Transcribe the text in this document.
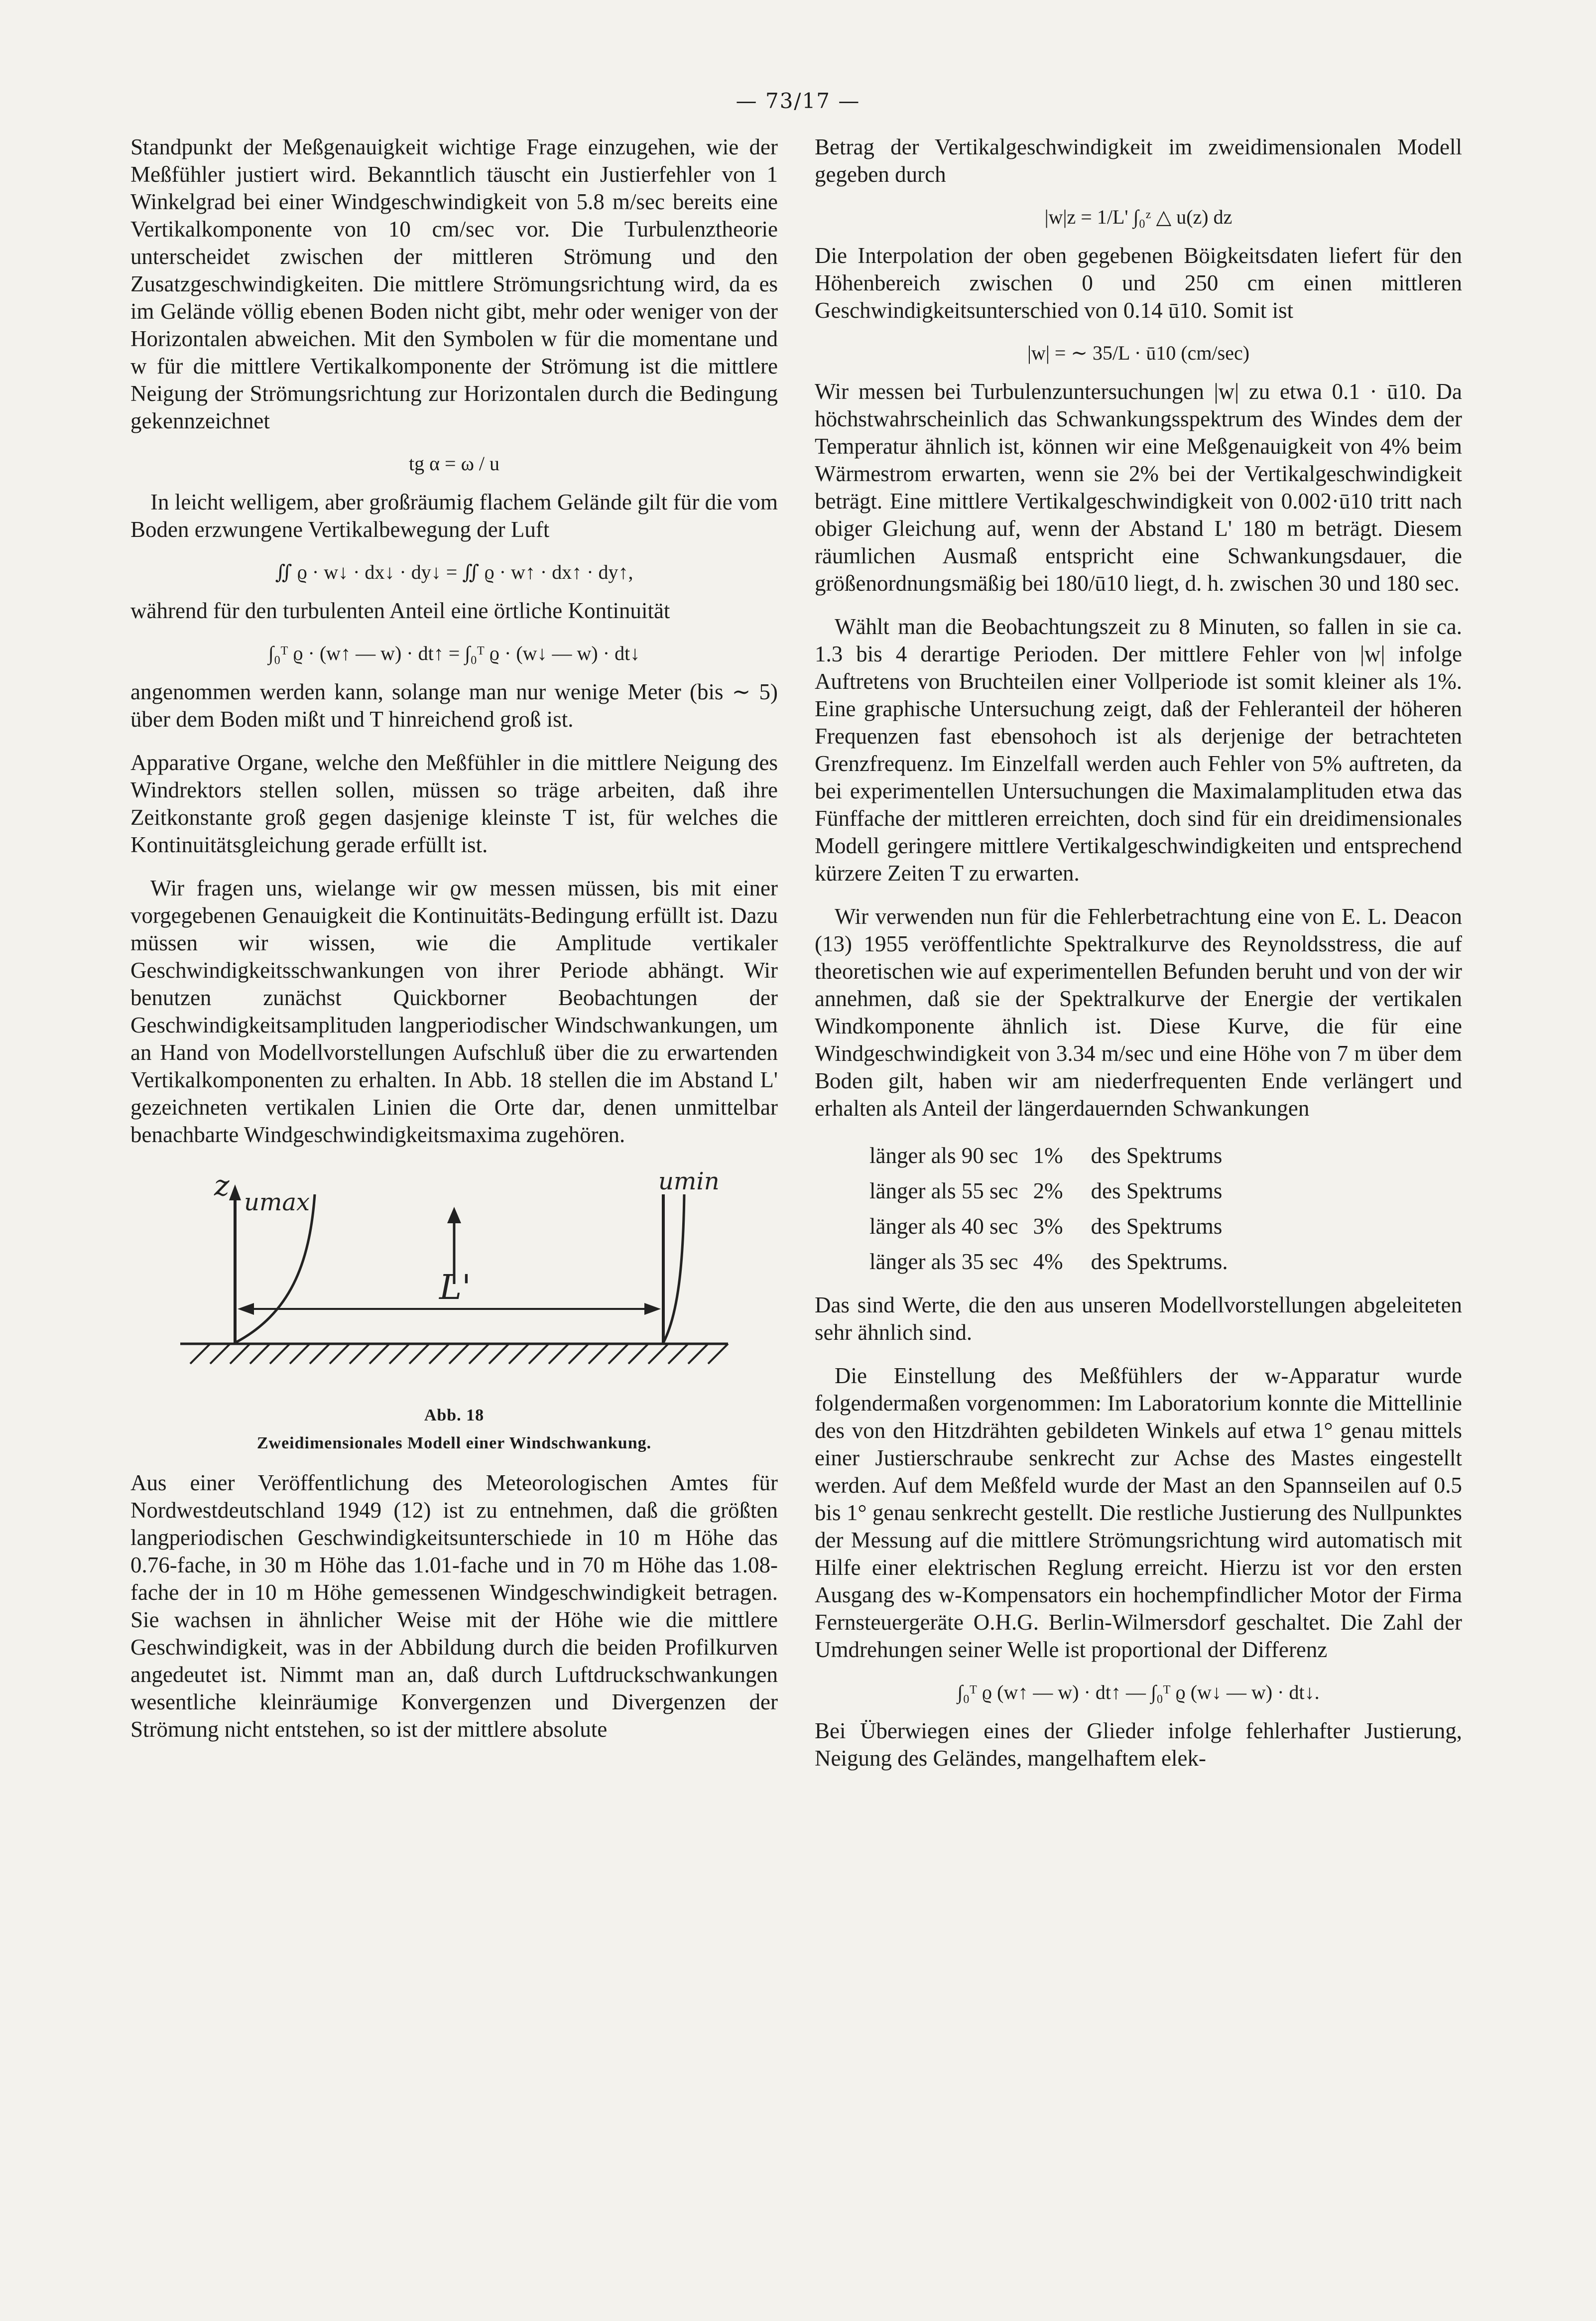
— 73/17 —

Standpunkt der Meßgenauigkeit wichtige Frage einzugehen, wie der Meßfühler justiert wird. Bekanntlich täuscht ein Justierfehler von 1 Winkelgrad bei einer Windgeschwindigkeit von 5.8 m/sec bereits eine Vertikalkomponente von 10 cm/sec vor. Die Turbulenztheorie unterscheidet zwischen der mittleren Strömung und den Zusatzgeschwindigkeiten. Die mittlere Strömungsrichtung wird, da es im Gelände völlig ebenen Boden nicht gibt, mehr oder weniger von der Horizontalen abweichen. Mit den Symbolen w für die momentane und w für die mittlere Vertikalkomponente der Strömung ist die mittlere Neigung der Strömungsrichtung zur Horizontalen durch die Bedingung gekennzeichnet

tg α = ω / u

In leicht welligem, aber großräumig flachem Gelände gilt für die vom Boden erzwungene Vertikalbewegung der Luft

∬ ϱ · w↓ · dx↓ · dy↓ = ∬ ϱ · w↑ · dx↑ · dy↑,

während für den turbulenten Anteil eine örtliche Kontinuität

∫₀ᵀ ϱ · (w↑ — w) · dt↑ = ∫₀ᵀ ϱ · (w↓ — w) · dt↓

angenommen werden kann, solange man nur wenige Meter (bis ∼ 5) über dem Boden mißt und T hinreichend groß ist.

Apparative Organe, welche den Meßfühler in die mittlere Neigung des Windrektors stellen sollen, müssen so träge arbeiten, daß ihre Zeitkonstante groß gegen dasjenige kleinste T ist, für welches die Kontinuitätsgleichung gerade erfüllt ist.

Wir fragen uns, wielange wir ϱw messen müssen, bis mit einer vorgegebenen Genauigkeit die Kontinuitäts-Bedingung erfüllt ist. Dazu müssen wir wissen, wie die Amplitude vertikaler Geschwindigkeitsschwankungen von ihrer Periode abhängt. Wir benutzen zunächst Quickborner Beobachtungen der Geschwindigkeitsamplituden langperiodischer Windschwankungen, um an Hand von Modellvorstellungen Aufschluß über die zu erwartenden Vertikalkomponenten zu erhalten. In Abb. 18 stellen die im Abstand L' gezeichneten vertikalen Linien die Orte dar, denen unmittelbar benachbarte Windgeschwindigkeitsmaxima zugehören.

z umax
umin
L'
Abb. 18
Zweidimensionales Modell einer Windschwankung.

Aus einer Veröffentlichung des Meteorologischen Amtes für Nordwestdeutschland 1949 (12) ist zu entnehmen, daß die größten langperiodischen Geschwindigkeitsunterschiede in 10 m Höhe das 0.76-fache, in 30 m Höhe das 1.01-fache und in 70 m Höhe das 1.08-fache der in 10 m Höhe gemessenen Windgeschwindigkeit betragen. Sie wachsen in ähnlicher Weise mit der Höhe wie die mittlere Geschwindigkeit, was in der Abbildung durch die beiden Profilkurven angedeutet ist. Nimmt man an, daß durch Luftdruckschwankungen wesentliche kleinräumige Konvergenzen und Divergenzen der Strömung nicht entstehen, so ist der mittlere absolute

Betrag der Vertikalgeschwindigkeit im zweidimensionalen Modell gegeben durch

|w|z = 1/L' ∫₀ᶻ △ u(z) dz

Die Interpolation der oben gegebenen Böigkeitsdaten liefert für den Höhenbereich zwischen 0 und 250 cm einen mittleren Geschwindigkeitsunterschied von 0.14 ū10. Somit ist

|w| = ∼ 35/L · ū10 (cm/sec)

Wir messen bei Turbulenzuntersuchungen |w| zu etwa 0.1 · ū10. Da höchstwahrscheinlich das Schwankungsspektrum des Windes dem der Temperatur ähnlich ist, können wir eine Meßgenauigkeit von 4% beim Wärmestrom erwarten, wenn sie 2% bei der Vertikalgeschwindigkeit beträgt. Eine mittlere Vertikalgeschwindigkeit von 0.002·ū10 tritt nach obiger Gleichung auf, wenn der Abstand L' 180 m beträgt. Diesem räumlichen Ausmaß entspricht eine Schwankungsdauer, die größenordnungsmäßig bei 180/ū10 liegt, d. h. zwischen 30 und 180 sec.

Wählt man die Beobachtungszeit zu 8 Minuten, so fallen in sie ca. 1.3 bis 4 derartige Perioden. Der mittlere Fehler von |w| infolge Auftretens von Bruchteilen einer Vollperiode ist somit kleiner als 1%. Eine graphische Untersuchung zeigt, daß der Fehleranteil der höheren Frequenzen fast ebensohoch ist als derjenige der betrachteten Grenzfrequenz. Im Einzelfall werden auch Fehler von 5% auftreten, da bei experimentellen Untersuchungen die Maximalamplituden etwa das Fünffache der mittleren erreichten, doch sind für ein dreidimensionales Modell geringere mittlere Vertikalgeschwindigkeiten und entsprechend kürzere Zeiten T zu erwarten.

Wir verwenden nun für die Fehlerbetrachtung eine von E. L. Deacon (13) 1955 veröffentlichte Spektralkurve des Reynoldsstress, die auf theoretischen wie auf experimentellen Befunden beruht und von der wir annehmen, daß sie der Spektralkurve der Energie der vertikalen Windkomponente ähnlich ist. Diese Kurve, die für eine Windgeschwindigkeit von 3.34 m/sec und eine Höhe von 7 m über dem Boden gilt, haben wir am niederfrequenten Ende verlängert und erhalten als Anteil der längerdauernden Schwankungen

länger als 90 sec	1%	des Spektrums
länger als 55 sec	2%	des Spektrums
länger als 40 sec	3%	des Spektrums
länger als 35 sec	4%	des Spektrums.

Das sind Werte, die den aus unseren Modellvorstellungen abgeleiteten sehr ähnlich sind.

Die Einstellung des Meßfühlers der w-Apparatur wurde folgendermaßen vorgenommen: Im Laboratorium konnte die Mittellinie des von den Hitzdrähten gebildeten Winkels auf etwa 1° genau mittels einer Justierschraube senkrecht zur Achse des Mastes eingestellt werden. Auf dem Meßfeld wurde der Mast an den Spannseilen auf 0.5 bis 1° genau senkrecht gestellt. Die restliche Justierung des Nullpunktes der Messung auf die mittlere Strömungsrichtung wird automatisch mit Hilfe einer elektrischen Reglung erreicht. Hierzu ist vor den ersten Ausgang des w-Kompensators ein hochempfindlicher Motor der Firma Fernsteuergeräte O.H.G. Berlin-Wilmersdorf geschaltet. Die Zahl der Umdrehungen seiner Welle ist proportional der Differenz

∫₀ᵀ ϱ (w↑ — w) · dt↑ — ∫₀ᵀ ϱ (w↓ — w) · dt↓.

Bei Überwiegen eines der Glieder infolge fehlerhafter Justierung, Neigung des Geländes, mangelhaftem elek-
